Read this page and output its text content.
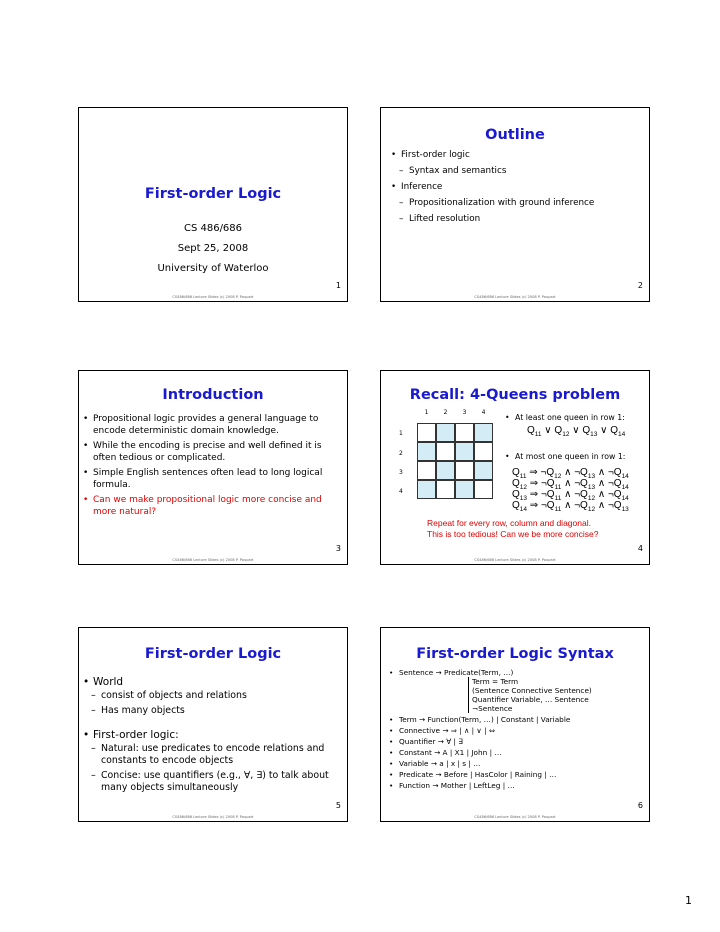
First-order Logic
CS 486/686
Sept 25, 2008
University of Waterloo
1
CS486/686 Lecture Slides (c) 2008 P. Poupart
Outline
• First-order logic
– Syntax and semantics
• Inference
– Propositionalization with ground inference
– Lifted resolution
2
CS486/686 Lecture Slides (c) 2008 P. Poupart
Introduction
• Propositional logic provides a general language to encode deterministic domain knowledge.
• While the encoding is precise and well defined it is often tedious or complicated.
• Simple English sentences often lead to long logical formula.
• Can we make propositional logic more concise and more natural?
3
CS486/686 Lecture Slides (c) 2008 P. Poupart
Recall: 4-Queens problem
1	2	3	4
1
2
3
4
• At least one queen in row 1:
$Q_{11}$ ∨ $Q_{12}$ ∨ $Q_{13}$ ∨ $Q_{14}$
• At most one queen in row 1:
$Q_{11}$ ⇒ $\neg Q_{12}$ ∧ $\neg Q_{13}$ ∧ $\neg Q_{14}$
$Q_{12}$ ⇒ $\neg Q_{11}$ ∧ $\neg Q_{13}$ ∧ $\neg Q_{14}$
$Q_{13}$ ⇒ $\neg Q_{11}$ ∧ $\neg Q_{12}$ ∧ $\neg Q_{14}$
$Q_{14}$ ⇒ $\neg Q_{11}$ ∧ $\neg Q_{12}$ ∧ $\neg Q_{13}$
Repeat for every row, column and diagonal.
This is too tedious! Can we be more concise?
4
CS486/686 Lecture Slides (c) 2008 P. Poupart
First-order Logic
• World
– consist of objects and relations
– Has many objects
• First-order logic:
– Natural: use predicates to encode relations and constants to encode objects
– Concise: use quantifiers (e.g., ∀, ∃) to talk about many objects simultaneously
5
CS486/686 Lecture Slides (c) 2008 P. Poupart
First-order Logic Syntax
• Sentence → Predicate(Term, …)
Term = Term
(Sentence Connective Sentence)
Quantifier Variable, … Sentence
¬Sentence
• Term → Function(Term, …) | Constant | Variable
• Connective → ⇒ | ∧ | ∨ | ⇔
• Quantifier → ∀ | ∃
• Constant → A | X1 | John | …
• Variable → a | x | s | …
• Predicate → Before | HasColor | Raining | …
• Function → Mother | LeftLeg | …
6
CS486/686 Lecture Slides (c) 2008 P. Poupart
1
